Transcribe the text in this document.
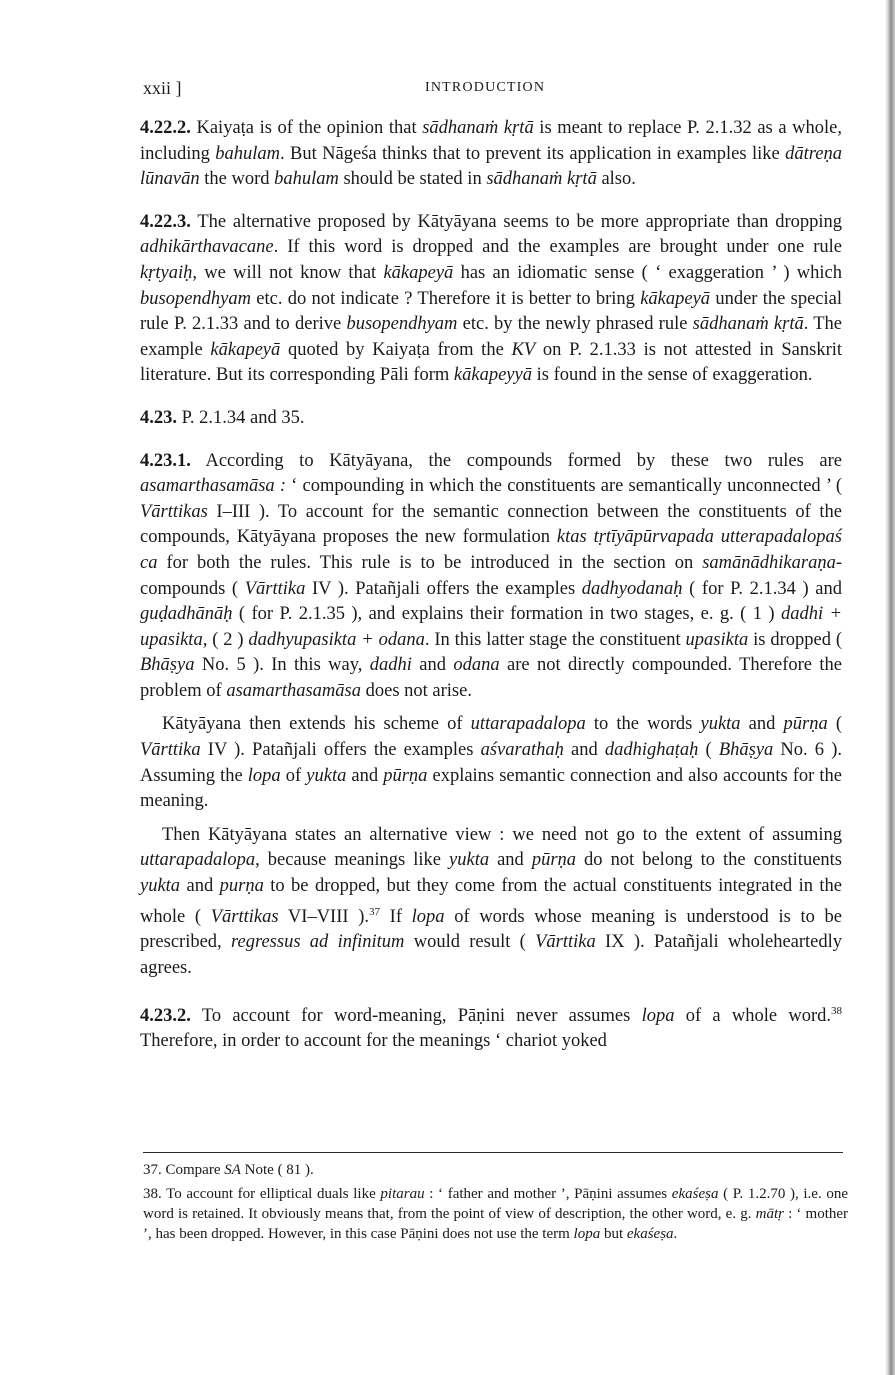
xxii ]	INTRODUCTION

4.22.2. Kaiyaṭa is of the opinion that sādhanaṁ kṛtā is meant to replace P. 2.1.32 as a whole, including bahulam. But Nāgeśa thinks that to prevent its application in examples like dātreṇa lūnavān the word bahulam should be stated in sādhanaṁ kṛtā also.

4.22.3. The alternative proposed by Kātyāyana seems to be more appropriate than dropping adhikārthavacane. If this word is dropped and the examples are brought under one rule kṛtyaiḥ, we will not know that kākapeyā has an idiomatic sense ( ‘ exaggeration ’ ) which busopendhyam etc. do not indicate ? Therefore it is better to bring kākapeyā under the special rule P. 2.1.33 and to derive busopendhyam etc. by the newly phrased rule sādhanaṁ kṛtā. The example kākapeyā quoted by Kaiyaṭa from the KV on P. 2.1.33 is not attested in Sanskrit literature. But its corresponding Pāli form kākapeyyā is found in the sense of exaggeration.

4.23. P. 2.1.34 and 35.

4.23.1. According to Kātyāyana, the compounds formed by these two rules are asamarthasamāsa : ‘ compounding in which the constituents are semantically unconnected ’ ( Vārttikas I–III ). To account for the semantic connection between the constituents of the compounds, Kātyāyana proposes the new formulation ktas tṛtīyāpūrvapada utterapadalopaś ca for both the rules. This rule is to be introduced in the section on samānādhikaraṇa-compounds ( Vārttika IV ). Patañjali offers the examples dadhyodanaḥ ( for P. 2.1.34 ) and guḍadhānāḥ ( for P. 2.1.35 ), and explains their formation in two stages, e. g. ( 1 ) dadhi + upasikta, ( 2 ) dadhyupasikta + odana. In this latter stage the constituent upasikta is dropped ( Bhāṣya No. 5 ). In this way, dadhi and odana are not directly compounded. Therefore the problem of asamarthasamāsa does not arise.

Kātyāyana then extends his scheme of uttarapadalopa to the words yukta and pūrṇa ( Vārttika IV ). Patañjali offers the examples aśvarathaḥ and dadhighaṭaḥ ( Bhāṣya No. 6 ). Assuming the lopa of yukta and pūrṇa explains semantic connection and also accounts for the meaning.

Then Kātyāyana states an alternative view : we need not go to the extent of assuming uttarapadalopa, because meanings like yukta and pūrṇa do not belong to the constituents yukta and purṇa to be dropped, but they come from the actual constituents integrated in the whole ( Vārttikas VI–VIII ).$^{37}$ If lopa of words whose meaning is understood is to be prescribed, regressus ad infinitum would result ( Vārttika IX ). Patañjali wholeheartedly agrees.

4.23.2. To account for word-meaning, Pāṇini never assumes lopa of a whole word.$^{38}$ Therefore, in order to account for the meanings ‘ chariot yoked

37. Compare SA Note ( 81 ).

38. To account for elliptical duals like pitarau : ‘ father and mother ’, Pāṇini assumes ekaśeṣa ( P. 1.2.70 ), i.e. one word is retained. It obviously means that, from the point of view of description, the other word, e. g. mātṛ : ‘ mother ’, has been dropped. However, in this case Pāṇini does not use the term lopa but ekaśeṣa.
